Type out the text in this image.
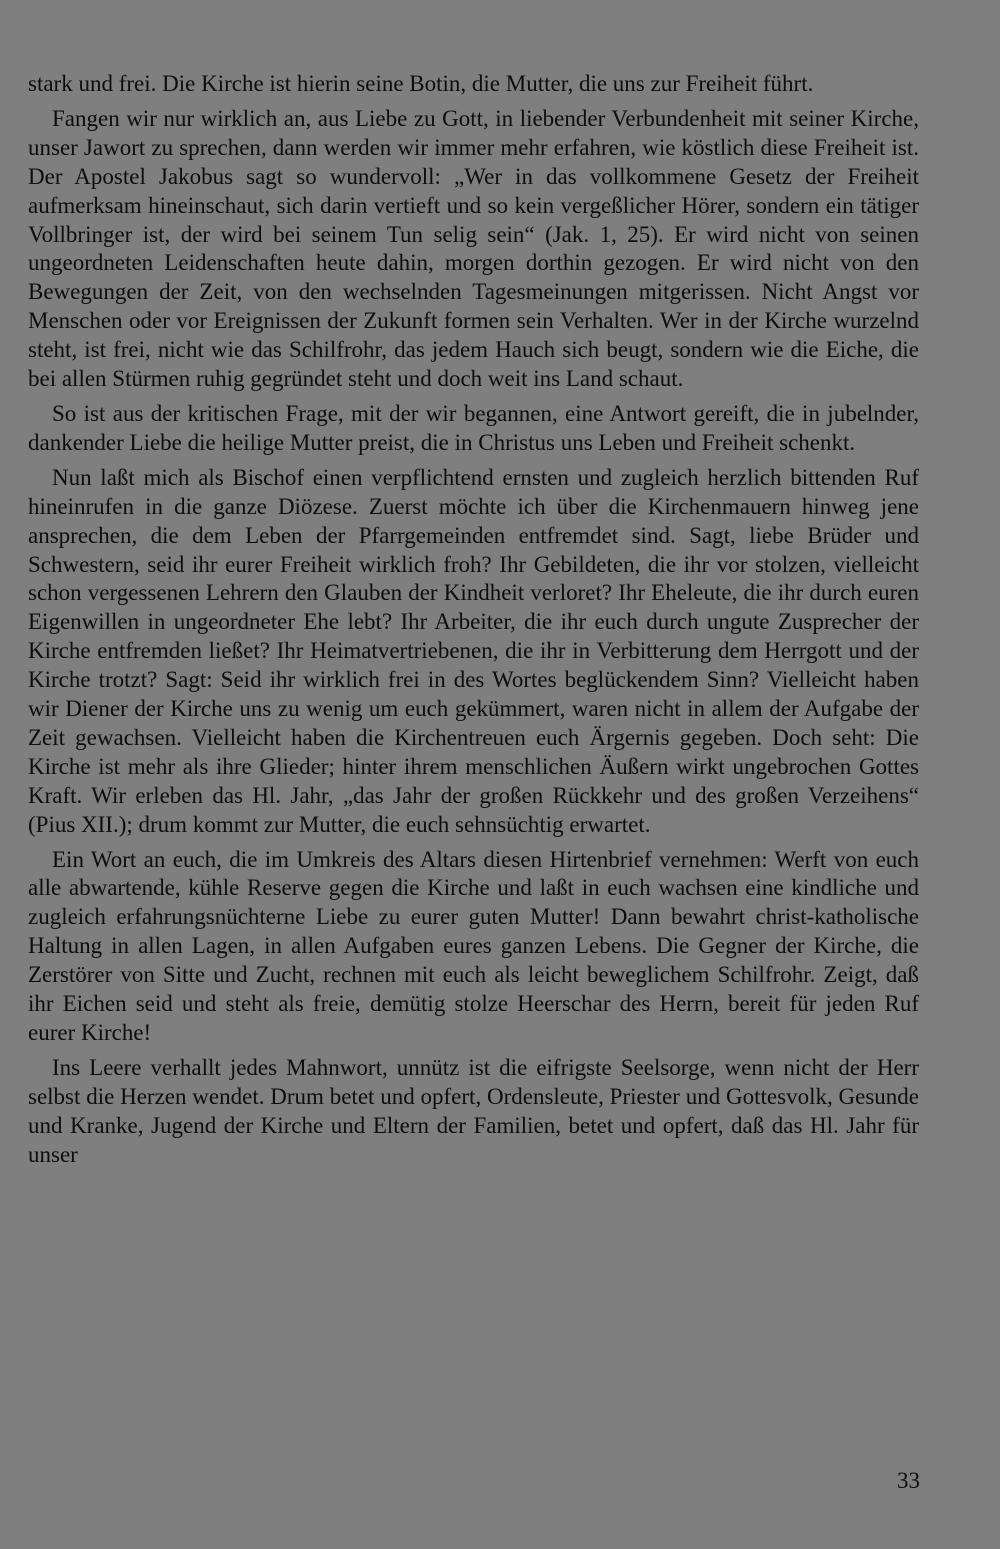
stark und frei. Die Kirche ist hierin seine Botin, die Mutter, die uns zur Freiheit führt.

Fangen wir nur wirklich an, aus Liebe zu Gott, in liebender Verbundenheit mit seiner Kirche, unser Jawort zu sprechen, dann werden wir immer mehr erfahren, wie köstlich diese Freiheit ist. Der Apostel Jakobus sagt so wundervoll: „Wer in das vollkommene Gesetz der Freiheit aufmerksam hineinschaut, sich darin vertieft und so kein vergeßlicher Hörer, sondern ein tätiger Vollbringer ist, der wird bei seinem Tun selig sein“ (Jak. 1, 25). Er wird nicht von seinen ungeordneten Leidenschaften heute dahin, morgen dorthin gezogen. Er wird nicht von den Bewegungen der Zeit, von den wechselnden Tagesmeinungen mitgerissen. Nicht Angst vor Menschen oder vor Ereignissen der Zukunft formen sein Verhalten. Wer in der Kirche wurzelnd steht, ist frei, nicht wie das Schilfrohr, das jedem Hauch sich beugt, sondern wie die Eiche, die bei allen Stürmen ruhig gegründet steht und doch weit ins Land schaut.

So ist aus der kritischen Frage, mit der wir begannen, eine Antwort gereift, die in jubelnder, dankender Liebe die heilige Mutter preist, die in Christus uns Leben und Freiheit schenkt.

Nun laßt mich als Bischof einen verpflichtend ernsten und zugleich herzlich bittenden Ruf hineinrufen in die ganze Diözese. Zuerst möchte ich über die Kirchenmauern hinweg jene ansprechen, die dem Leben der Pfarrgemeinden entfremdet sind. Sagt, liebe Brüder und Schwestern, seid ihr eurer Freiheit wirklich froh? Ihr Gebildeten, die ihr vor stolzen, vielleicht schon vergessenen Lehrern den Glauben der Kindheit verloret? Ihr Eheleute, die ihr durch euren Eigenwillen in ungeordneter Ehe lebt? Ihr Arbeiter, die ihr euch durch ungute Zusprecher der Kirche entfremden ließet? Ihr Heimatvertriebenen, die ihr in Verbitterung dem Herrgott und der Kirche trotzt? Sagt: Seid ihr wirklich frei in des Wortes beglückendem Sinn? Vielleicht haben wir Diener der Kirche uns zu wenig um euch gekümmert, waren nicht in allem der Aufgabe der Zeit gewachsen. Vielleicht haben die Kirchentreuen euch Ärgernis gegeben. Doch seht: Die Kirche ist mehr als ihre Glieder; hinter ihrem menschlichen Äußern wirkt ungebrochen Gottes Kraft. Wir erleben das Hl. Jahr, „das Jahr der großen Rückkehr und des großen Verzeihens“ (Pius XII.); drum kommt zur Mutter, die euch sehnsüchtig erwartet.

Ein Wort an euch, die im Umkreis des Altars diesen Hirtenbrief vernehmen: Werft von euch alle abwartende, kühle Reserve gegen die Kirche und laßt in euch wachsen eine kindliche und zugleich erfahrungsnüchterne Liebe zu eurer guten Mutter! Dann bewahrt christ-katholische Haltung in allen Lagen, in allen Aufgaben eures ganzen Lebens. Die Gegner der Kirche, die Zerstörer von Sitte und Zucht, rechnen mit euch als leicht beweglichem Schilfrohr. Zeigt, daß ihr Eichen seid und steht als freie, demütig stolze Heerschar des Herrn, bereit für jeden Ruf eurer Kirche!

Ins Leere verhallt jedes Mahnwort, unnütz ist die eifrigste Seelsorge, wenn nicht der Herr selbst die Herzen wendet. Drum betet und opfert, Ordensleute, Priester und Gottesvolk, Gesunde und Kranke, Jugend der Kirche und Eltern der Familien, betet und opfert, daß das Hl. Jahr für unser

33
